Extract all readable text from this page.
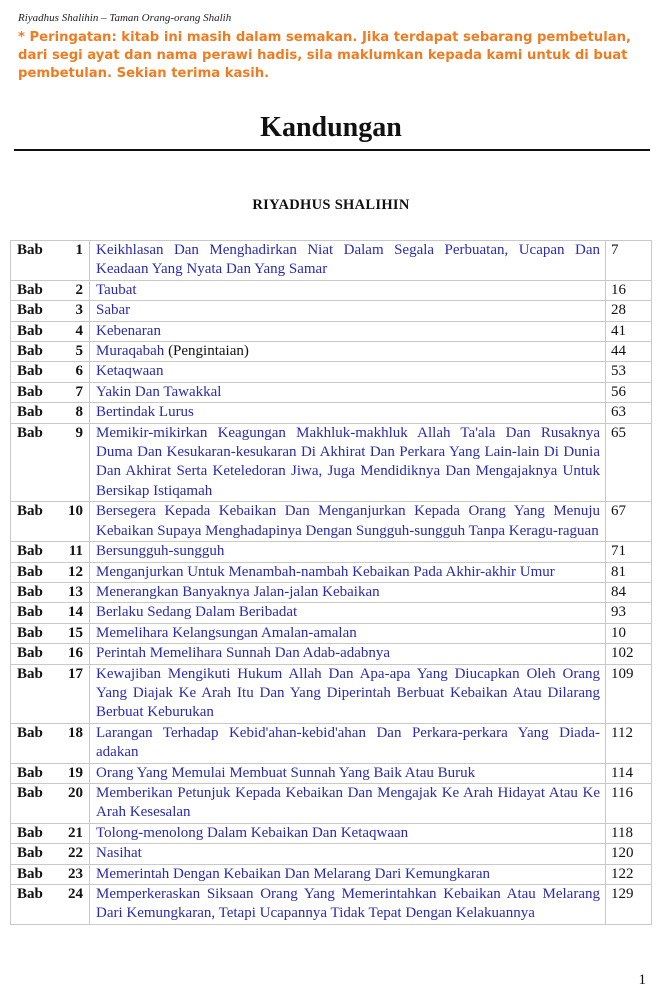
Riyadhus Shalihin – Taman Orang-orang Shalih
* Peringatan: kitab ini masih dalam semakan. Jika terdapat sebarang pembetulan, dari segi ayat dan nama perawi hadis, sila maklumkan kepada kami untuk di buat pembetulan. Sekian terima kasih.
Kandungan
RIYADHUS SHALIHIN
Bab 1	Keikhlasan Dan Menghadirkan Niat Dalam Segala Perbuatan, Ucapan Dan Keadaan Yang Nyata Dan Yang Samar	7

Bab 2	Taubat	16

Bab 3	Sabar	28

Bab 4	Kebenaran	41

Bab 5	Muraqabah (Pengintaian)	44

Bab 6	Ketaqwaan	53

Bab 7	Yakin Dan Tawakkal	56

Bab 8	Bertindak Lurus	63

Bab 9	Memikir-mikirkan Keagungan Makhluk-makhluk Allah Ta'ala Dan Rusaknya Duma Dan Kesukaran-kesukaran Di Akhirat Dan Perkara Yang Lain-lain Di Dunia Dan Akhirat Serta Keteledoran Jiwa, Juga Mendidiknya Dan Mengajaknya Untuk Bersikap Istiqamah	65

Bab 10	Bersegera Kepada Kebaikan Dan Menganjurkan Kepada Orang Yang Menuju Kebaikan Supaya Menghadapinya Dengan Sungguh-sungguh Tanpa Keragu-raguan	67

Bab 11	Bersungguh-sungguh	71

Bab 12	Menganjurkan Untuk Menambah-nambah Kebaikan Pada Akhir-akhir Umur	81

Bab 13	Menerangkan Banyaknya Jalan-jalan Kebaikan	84

Bab 14	Berlaku Sedang Dalam Beribadat	93

Bab 15	Memelihara Kelangsungan Amalan-amalan	10

Bab 16	Perintah Memelihara Sunnah Dan Adab-adabnya	102

Bab 17	Kewajiban Mengikuti Hukum Allah Dan Apa-apa Yang Diucapkan Oleh Orang Yang Diajak Ke Arah Itu Dan Yang Diperintah Berbuat Kebaikan Atau Dilarang Berbuat Keburukan	109

Bab 18	Larangan Terhadap Kebid'ahan-kebid'ahan Dan Perkara-perkara Yang Diada-adakan	112

Bab 19	Orang Yang Memulai Membuat Sunnah Yang Baik Atau Buruk	114

Bab 20	Memberikan Petunjuk Kepada Kebaikan Dan Mengajak Ke Arah Hidayat Atau Ke Arah Kesesalan	116

Bab 21	Tolong-menolong Dalam Kebaikan Dan Ketaqwaan	118

Bab 22	Nasihat	120

Bab 23	Memerintah Dengan Kebaikan Dan Melarang Dari Kemungkaran	122

Bab 24	Memperkeraskan Siksaan Orang Yang Memerintahkan Kebaikan Atau Melarang Dari Kemungkaran, Tetapi Ucapannya Tidak Tepat Dengan Kelakuannya	129
1
